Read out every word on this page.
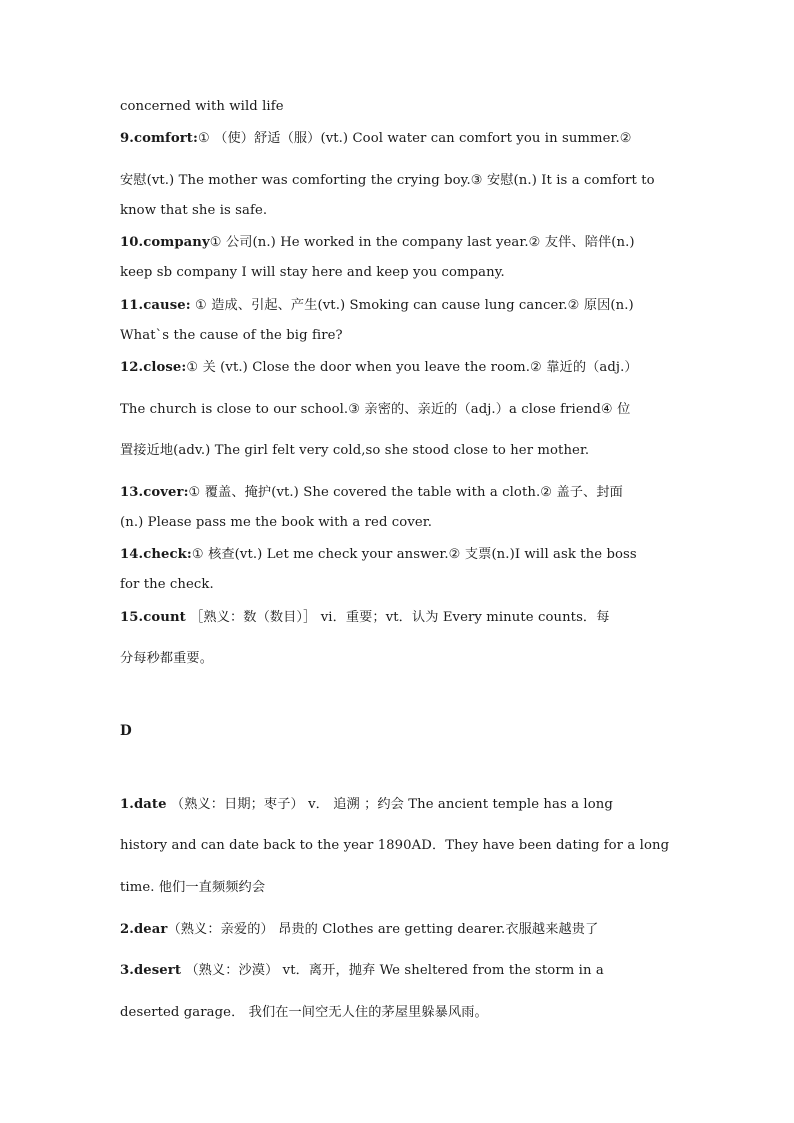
concerned with wild life
9.comfort:① （使）舒适（服）(vt.) Cool water can comfort you in summer.②
安慰(vt.) The mother was comforting the crying boy.③ 安慰(n.) It is a comfort to
know that she is safe.
10.company① 公司(n.) He worked in the company last year.② 友伴、陪伴(n.)
keep sb company I will stay here and keep you company.
11.cause: ① 造成、引起、产生(vt.) Smoking can cause lung cancer.② 原因(n.)
What`s the cause of the big fire?
12.close:① 关 (vt.) Close the door when you leave the room.② 靠近的（adj.）
The church is close to our school.③ 亲密的、亲近的（adj.）a close friend④ 位
置接近地(adv.) The girl felt very cold,so she stood close to her mother.
13.cover:① 覆盖、掩护(vt.) She covered the table with a cloth.② 盖子、封面
(n.) Please pass me the book with a red cover.
14.check:① 核查(vt.) Let me check your answer.② 支票(n.)I will ask the boss
for the check.
15.count ［熟义：数（数目）］ vi．重要；vt．认为 Every minute counts．每
分每秒都重要。
D
1.date （熟义：日期；枣子） v． 追溯 ；约会 The ancient temple has a long
history and can date back to the year 1890AD．They have been dating for a long
time. 他们一直频频约会
2.dear（熟义：亲爱的） 昂贵的 Clothes are getting dearer.衣服越来越贵了
3.desert （熟义：沙漠） vt．离开，抛弃 We sheltered from the storm in a
deserted garage． 我们在一间空无人住的茅屋里躲暴风雨。
